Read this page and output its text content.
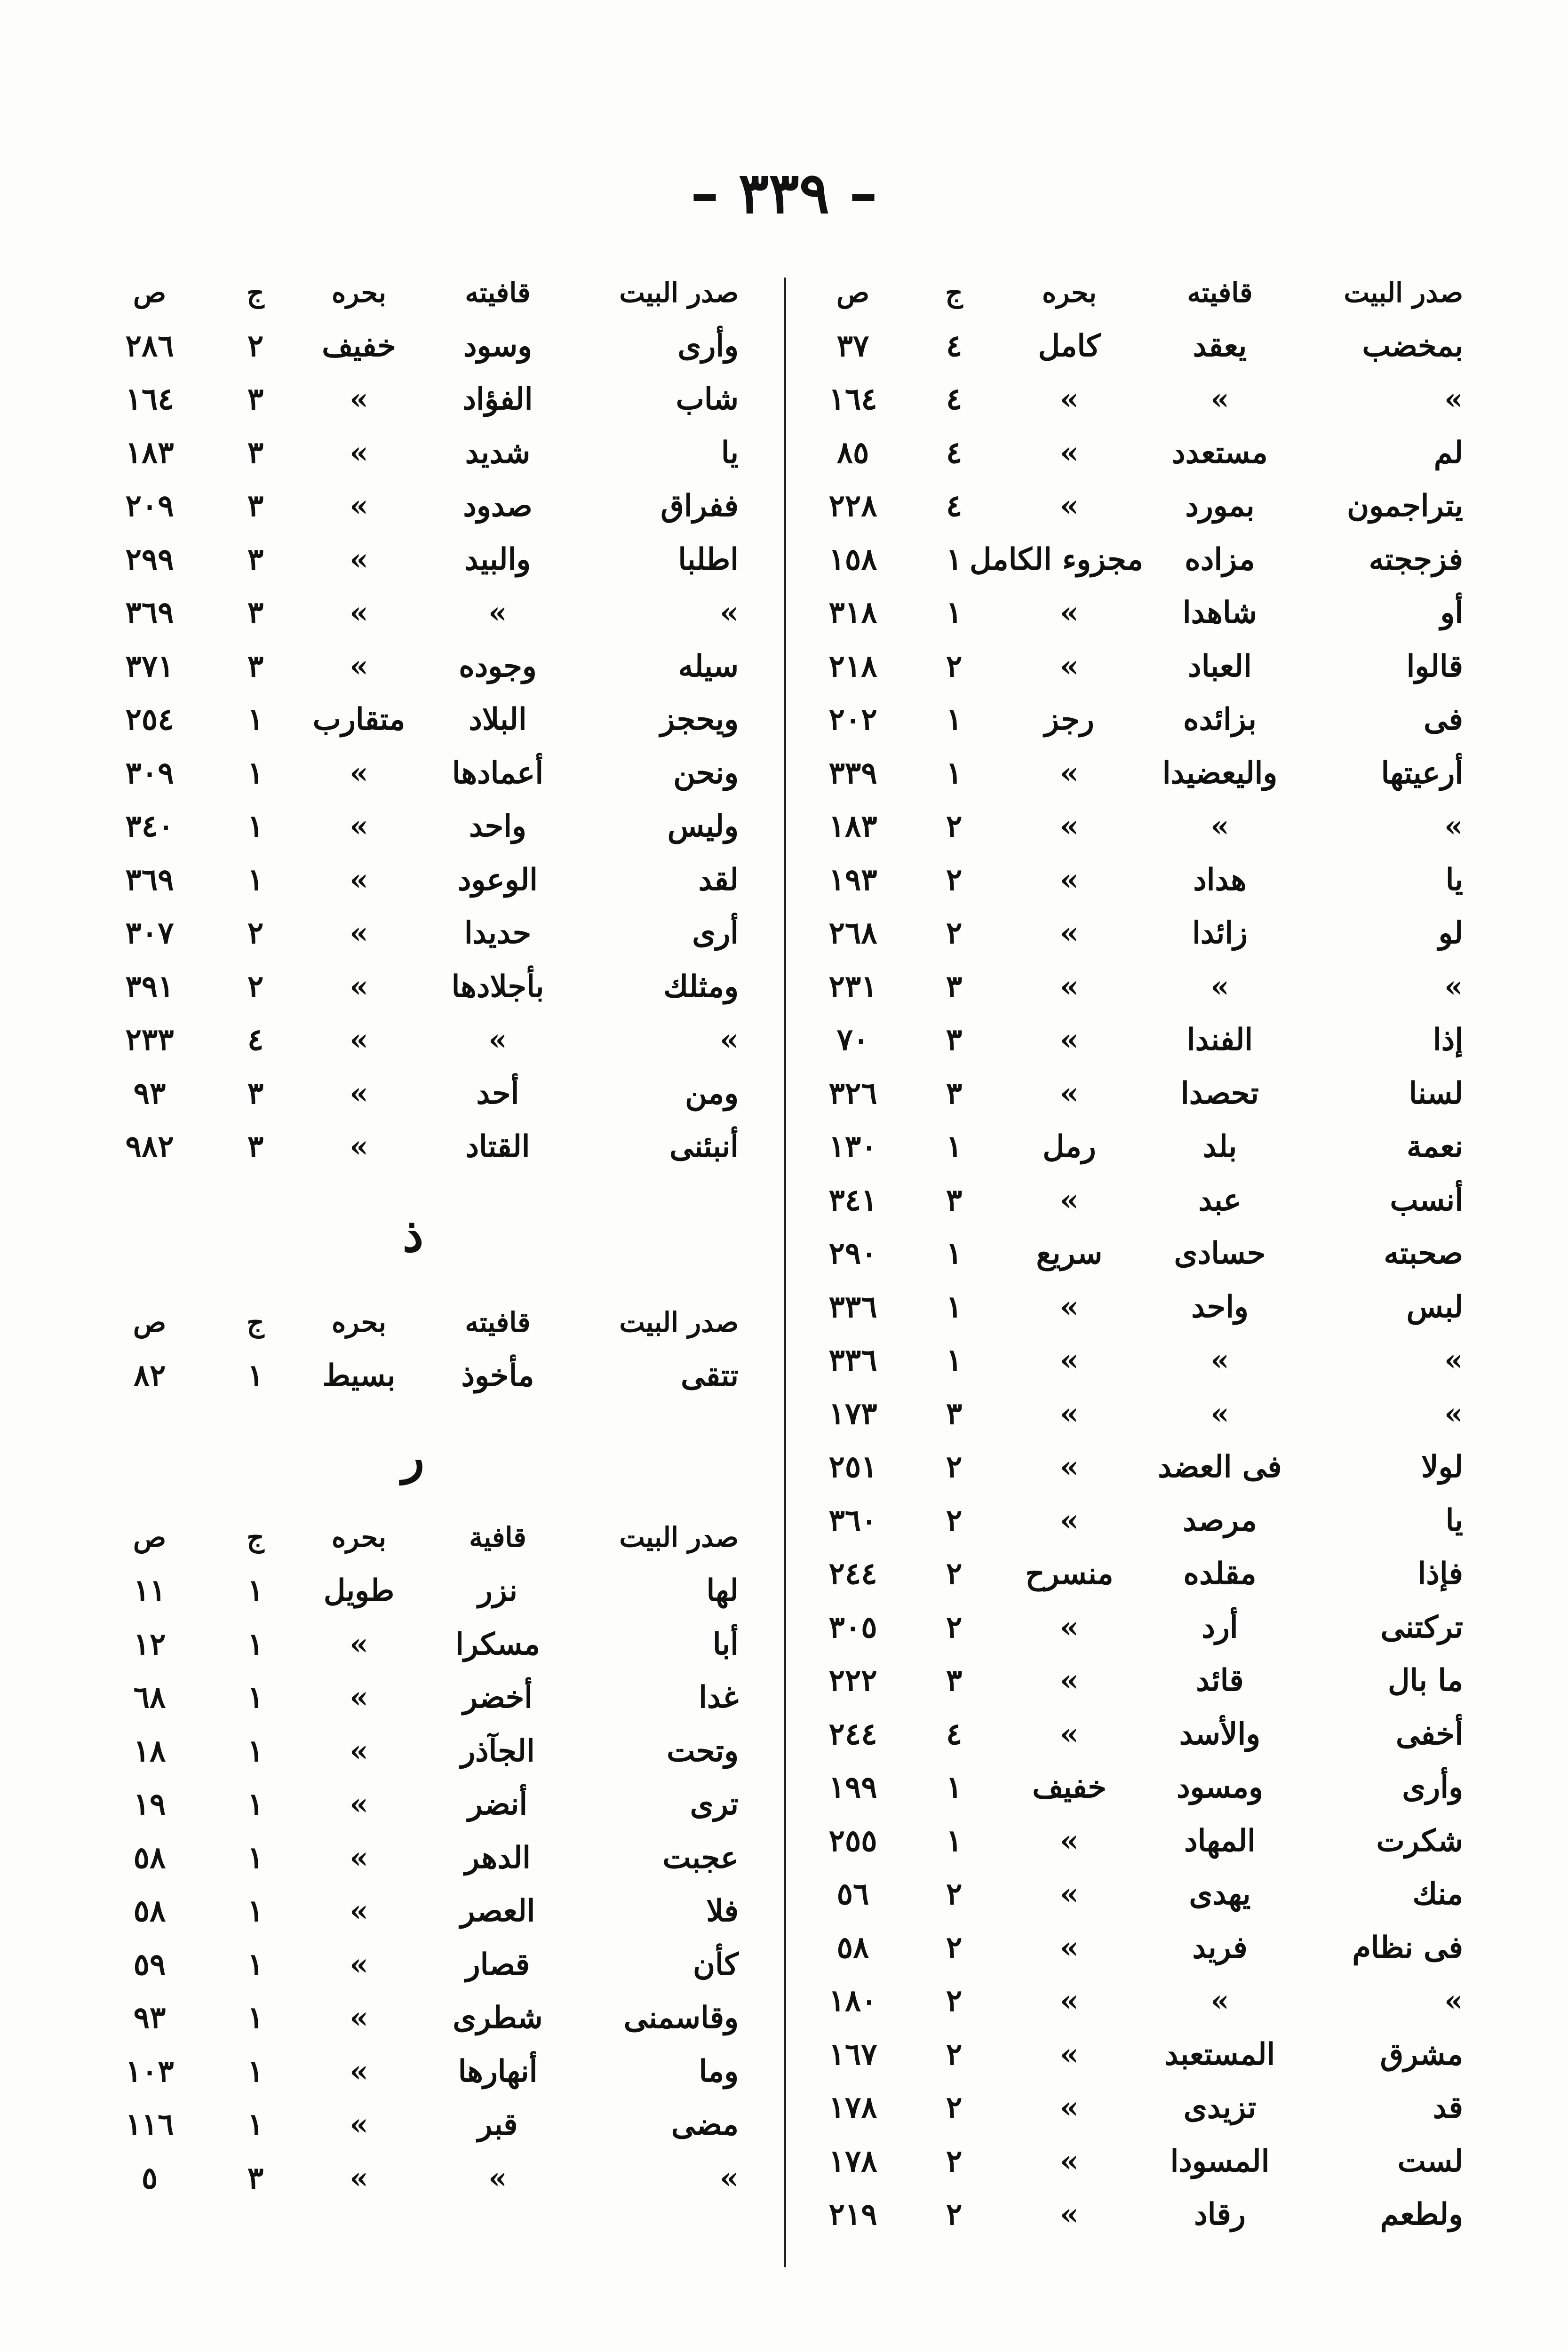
– ٣٣٩ –
صدر البيت	قافيته	بحره	ج	ص
بمخضب	يعقد	كامل	٤	٣٧
»	»	»	٤	١٦٤
لم	مستعدد	»	٤	٨٥
يتراجمون	بمورد	»	٤	٢٢٨
فزججته	مزاده	مجزوء الكامل	١	١٥٨
أو	شاهدا	»	١	٣١٨
قالوا	العباد	»	٢	٢١٨
فى	بزائده	رجز	١	٢٠٢
أرعيتها	واليعضيدا	»	١	٣٣٩
»	»	»	٢	١٨٣
يا	هداد	»	٢	١٩٣
لو	زائدا	»	٢	٢٦٨
»	»	»	٣	٢٣١
إذا	الفندا	»	٣	٧٠
لسنا	تحصدا	»	٣	٣٢٦
نعمة	بلد	رمل	١	١٣٠
أنسب	عبد	»	٣	٣٤١
صحبته	حسادى	سريع	١	٢٩٠
لبس	واحد	»	١	٣٣٦
»	»	»	١	٣٣٦
»	»	»	٣	١٧٣
لولا	فى العضد	»	٢	٢٥١
يا	مرصد	»	٢	٣٦٠
فإذا	مقلده	منسرح	٢	٢٤٤
تركتنى	أرد	»	٢	٣٠٥
ما بال	قائد	»	٣	٢٢٢
أخفى	والأسد	»	٤	٢٤٤
وأرى	ومسود	خفيف	١	١٩٩
شكرت	المهاد	»	١	٢٥٥
منك	يهدى	»	٢	٥٦
فى نظام	فريد	»	٢	٥٨
»	»	»	٢	١٨٠
مشرق	المستعبد	»	٢	١٦٧
قد	تزيدى	»	٢	١٧٨
لست	المسودا	»	٢	١٧٨
ولطعم	رقاد	»	٢	٢١٩
صدر البيت	قافيته	بحره	ج	ص
وأرى	وسود	خفيف	٢	٢٨٦
شاب	الفؤاد	»	٣	١٦٤
يا	شديد	»	٣	١٨٣
ففراق	صدود	»	٣	٢٠٩
اطلبا	والبيد	»	٣	٢٩٩
»	»	»	٣	٣٦٩
سيله	وجوده	»	٣	٣٧١
ويحجز	البلاد	متقارب	١	٢٥٤
ونحن	أعمادها	»	١	٣٠٩
وليس	واحد	»	١	٣٤٠
لقد	الوعود	»	١	٣٦٩
أرى	حديدا	»	٢	٣٠٧
ومثلك	بأجلادها	»	٢	٣٩١
»	»	»	٤	٢٣٣
ومن	أحد	»	٣	٩٣
أنبئنى	القتاد	»	٣	٩٨٢
ذ
صدر البيت	قافيته	بحره	ج	ص
تتقى	مأخوذ	بسيط	١	٨٢
ر
صدر البيت	قافية	بحره	ج	ص
لها	نزر	طويل	١	١١
أبا	مسكرا	»	١	١٢
غدا	أخضر	»	١	٦٨
وتحت	الجآذر	»	١	١٨
ترى	أنضر	»	١	١٩
عجبت	الدهر	»	١	٥٨
فلا	العصر	»	١	٥٨
كأن	قصار	»	١	٥٩
وقاسمنى	شطرى	»	١	٩٣
وما	أنهارها	»	١	١٠٣
مضى	قبر	»	١	١١٦
»	»	»	٣	٥
